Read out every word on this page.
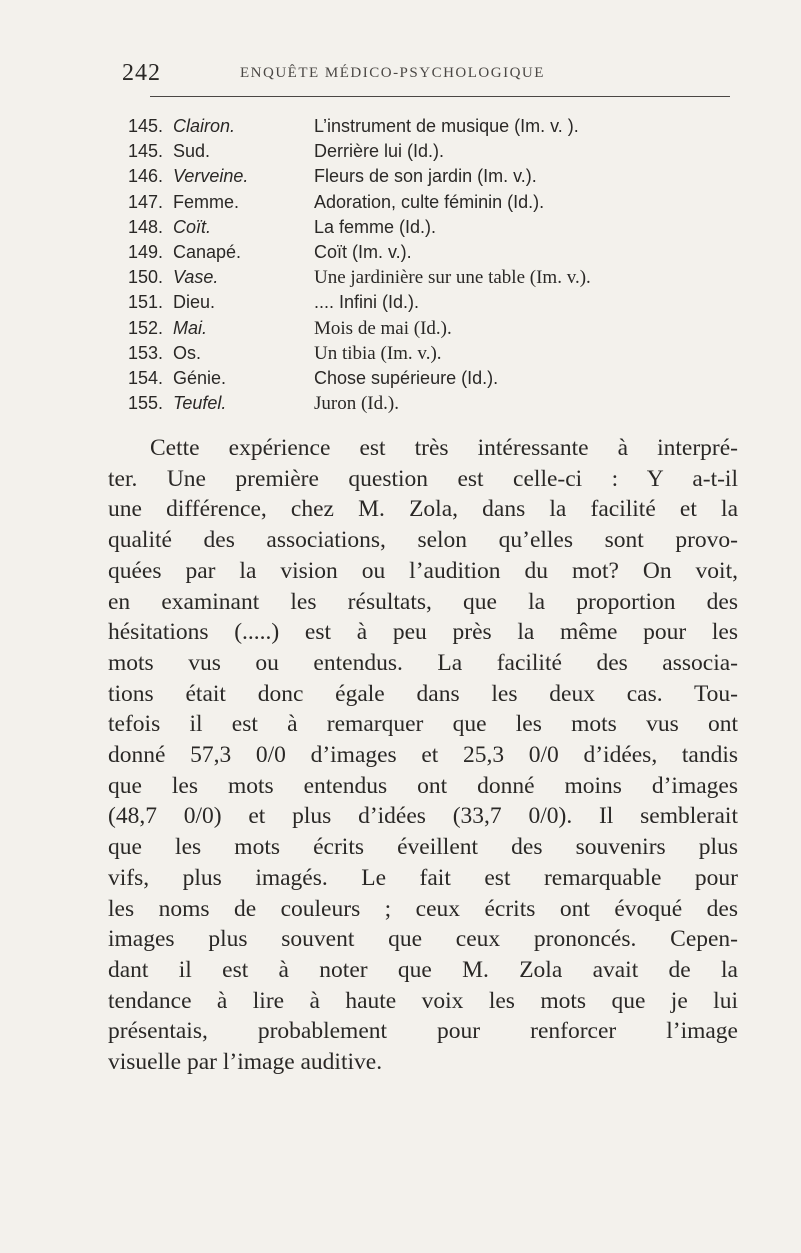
242	ENQUÊTE MÉDICO-PSYCHOLOGIQUE
145. Clairon.	L’instrument de musique (Im. v. ).
145. Sud.	Derrière lui (Id.).
146. Verveine.	Fleurs de son jardin (Im. v.).
147. Femme.	Adoration, culte féminin (Id.).
148. Coït.	La femme (Id.).
149. Canapé.	Coït (Im. v.).
150. Vase.	Une jardinière sur une table (Im. v.).
151. Dieu.	.... Infini (Id.).
152. Mai.	Mois de mai (Id.).
153. Os.	Un tibia (Im. v.).
154. Génie.	Chose supérieure (Id.).
155. Teufel.	Juron (Id.).
Cette expérience est très intéressante à interpré-
ter. Une première question est celle-ci : Y a-t-il
une différence, chez M. Zola, dans la facilité et la
qualité des associations, selon qu’elles sont provo-
quées par la vision ou l’audition du mot? On voit,
en examinant les résultats, que la proportion des
hésitations (.....) est à peu près la même pour les
mots vus ou entendus. La facilité des associa-
tions était donc égale dans les deux cas. Tou-
tefois il est à remarquer que les mots vus ont
donné 57,3 0/0 d’images et 25,3 0/0 d’idées, tandis
que les mots entendus ont donné moins d’images
(48,7 0/0) et plus d’idées (33,7 0/0). Il semblerait
que les mots écrits éveillent des souvenirs plus
vifs, plus imagés. Le fait est remarquable pour
les noms de couleurs ; ceux écrits ont évoqué des
images plus souvent que ceux prononcés. Cepen-
dant il est à noter que M. Zola avait de la
tendance à lire à haute voix les mots que je lui
présentais, probablement pour renforcer l’image
visuelle par l’image auditive.
